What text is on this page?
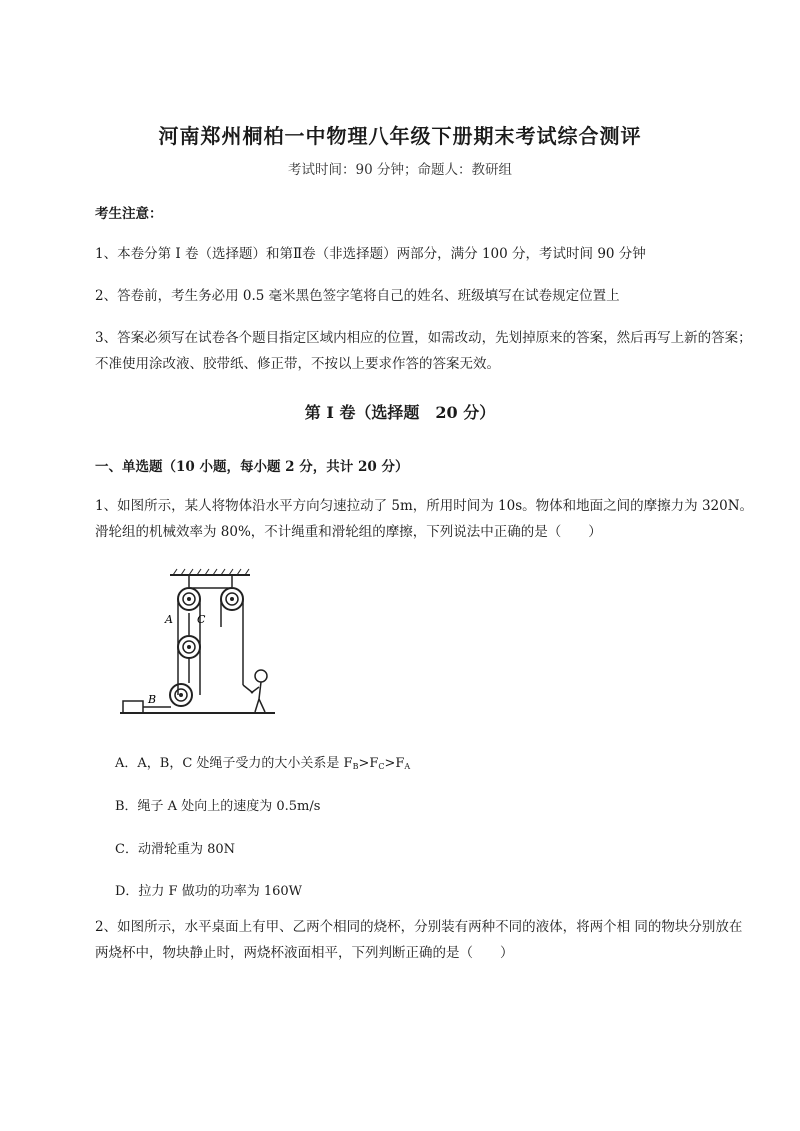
河南郑州桐柏一中物理八年级下册期末考试综合测评
考试时间：90 分钟；命题人：教研组
考生注意：
1、本卷分第 I 卷（选择题）和第Ⅱ卷（非选择题）两部分，满分 100 分，考试时间 90 分钟
2、答卷前，考生务必用 0.5 毫米黑色签字笔将自己的姓名、班级填写在试卷规定位置上
3、答案必须写在试卷各个题目指定区域内相应的位置，如需改动，先划掉原来的答案，然后再写上新的答案；不准使用涂改液、胶带纸、修正带，不按以上要求作答的答案无效。
第 I 卷（选择题　20 分）
一、单选题（10 小题，每小题 2 分，共计 20 分）
1、如图所示，某人将物体沿水平方向匀速拉动了 5m，所用时间为 10s。物体和地面之间的摩擦力为 320N。滑轮组的机械效率为 80%，不计绳重和滑轮组的摩擦，下列说法中正确的是（　　）
A C
B
A．A，B，C 处绳子受力的大小关系是 $F_B>F_C>F_A$
B．绳子 A 处向上的速度为 0.5m/s
C．动滑轮重为 80N
D．拉力 F 做功的功率为 160W
2、如图所示，水平桌面上有甲、乙两个相同的烧杯，分别装有两种不同的液体，将两个相 同的物块分别放在两烧杯中，物块静止时，两烧杯液面相平，下列判断正确的是（　　）
